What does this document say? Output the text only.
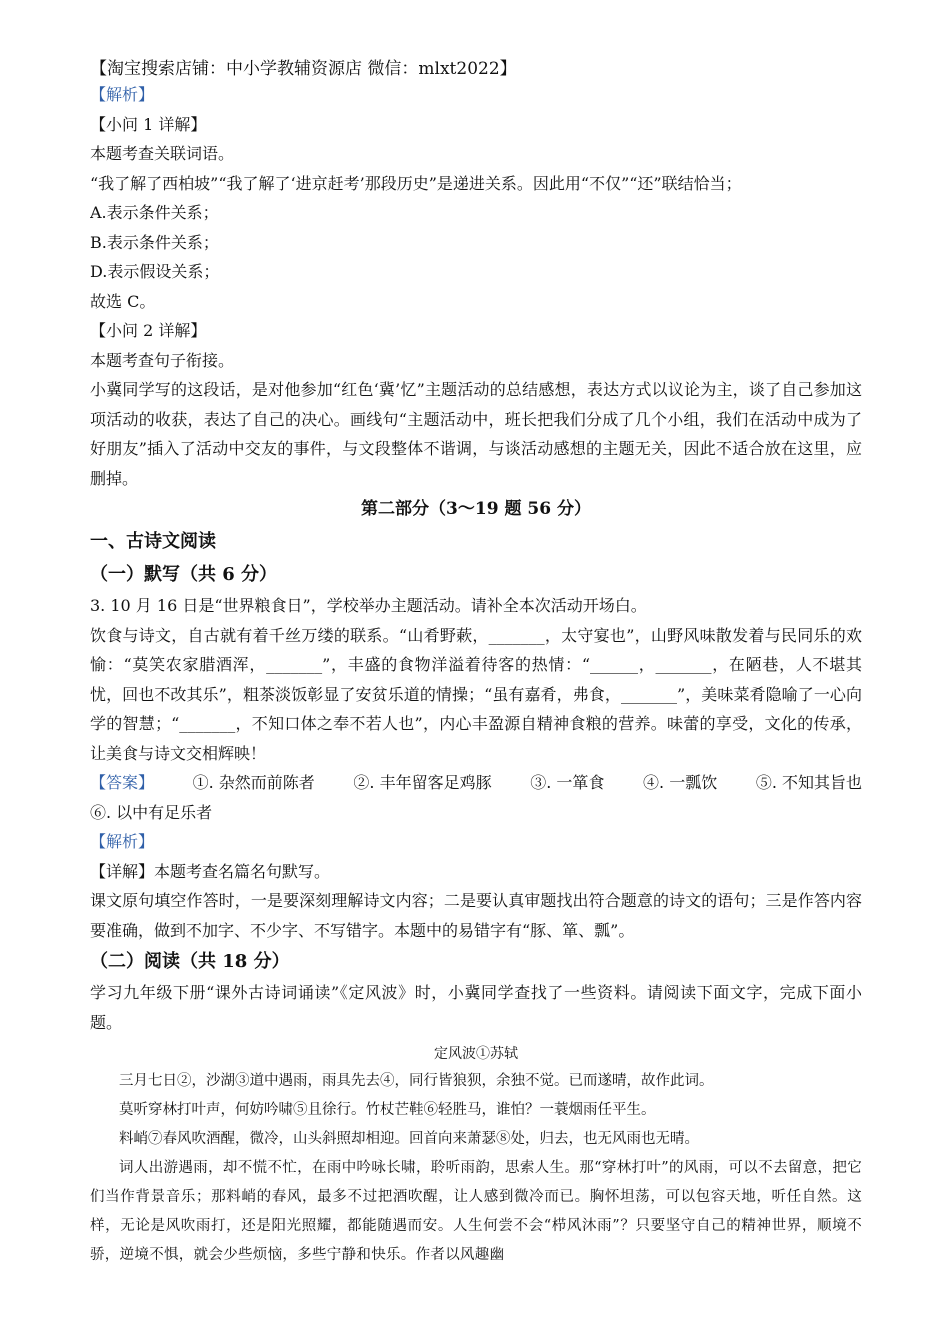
【淘宝搜索店铺：中小学教辅资源店 微信：mlxt2022】
【解析】
【小问 1 详解】
本题考查关联词语。
“我了解了西柏坡”“我了解了‘进京赶考’那段历史”是递进关系。因此用“不仅”“还”联结恰当；
A.表示条件关系；
B.表示条件关系；
D.表示假设关系；
故选 C。
【小问 2 详解】
本题考查句子衔接。
小冀同学写的这段话，是对他参加“红色‘冀’忆”主题活动的总结感想，表达方式以议论为主，谈了自己参加这项活动的收获，表达了自己的决心。画线句“主题活动中，班长把我们分成了几个小组，我们在活动中成为了好朋友”插入了活动中交友的事件，与文段整体不谐调，与谈活动感想的主题无关，因此不适合放在这里，应删掉。
第二部分（3～19 题 56 分）
一、古诗文阅读
（一）默写（共 6 分）
3. 10 月 16 日是“世界粮食日”，学校举办主题活动。请补全本次活动开场白。
饮食与诗文，自古就有着千丝万缕的联系。“山肴野蔌，_______，太守宴也”，山野风味散发着与民同乐的欢愉：“莫笑农家腊酒浑，_______”，丰盛的食物洋溢着待客的热情：“______，_______，在陋巷，人不堪其忧，回也不改其乐”，粗茶淡饭彰显了安贫乐道的情操；“虽有嘉肴，弗食，_______”，美味菜肴隐喻了一心向学的智慧；“_______，不知口体之奉不若人也”，内心丰盈源自精神食粮的营养。味蕾的享受，文化的传承，让美食与诗文交相辉映！
【答案】 ①. 杂然而前陈者 ②. 丰年留客足鸡豚 ③. 一箪食 ④. 一瓢饮 ⑤. 不知其旨也
⑥. 以中有足乐者
【解析】
【详解】本题考查名篇名句默写。
课文原句填空作答时，一是要深刻理解诗文内容；二是要认真审题找出符合题意的诗文的语句；三是作答内容要准确，做到不加字、不少字、不写错字。本题中的易错字有“豚、箪、瓢”。
（二）阅读（共 18 分）
学习九年级下册“课外古诗词诵读”《定风波》时，小冀同学查找了一些资料。请阅读下面文字，完成下面小题。
定风波①苏轼
三月七日②，沙湖③道中遇雨，雨具先去④，同行皆狼狈，余独不觉。已而遂晴，故作此词。
莫听穿林打叶声，何妨吟啸⑤且徐行。竹杖芒鞋⑥轻胜马，谁怕？一蓑烟雨任平生。
料峭⑦春风吹酒醒，微冷，山头斜照却相迎。回首向来萧瑟⑧处，归去，也无风雨也无晴。
词人出游遇雨，却不慌不忙，在雨中吟咏长啸，聆听雨韵，思索人生。那“穿林打叶”的风雨，可以不去留意，把它们当作背景音乐；那料峭的春风，最多不过把酒吹醒，让人感到微冷而已。胸怀坦荡，可以包容天地，听任自然。这样，无论是风吹雨打，还是阳光照耀，都能随遇而安。人生何尝不会“栉风沐雨”？只要坚守自己的精神世界，顺境不骄，逆境不惧，就会少些烦恼，多些宁静和快乐。作者以风趣幽
